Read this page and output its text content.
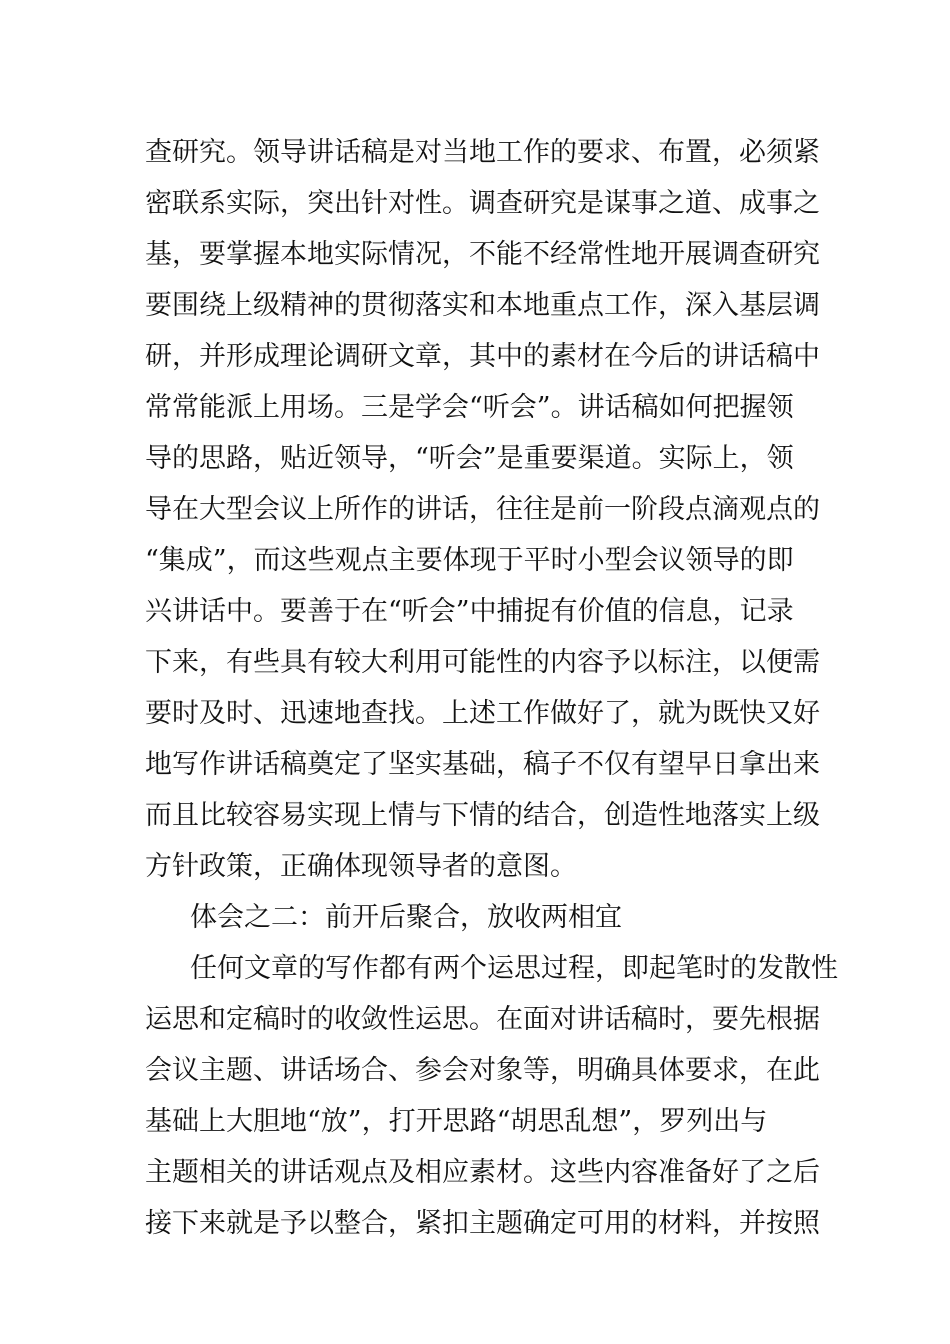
查研究。领导讲话稿是对当地工作的要求、布置，必须紧
密联系实际，突出针对性。调查研究是谋事之道、成事之
基，要掌握本地实际情况，不能不经常性地开展调查研究
要围绕上级精神的贯彻落实和本地重点工作，深入基层调
研，并形成理论调研文章，其中的素材在今后的讲话稿中
常常能派上用场。三是学会“听会”。讲话稿如何把握领
导的思路，贴近领导，“听会”是重要渠道。实际上，领
导在大型会议上所作的讲话，往往是前一阶段点滴观点的
“集成”，而这些观点主要体现于平时小型会议领导的即
兴讲话中。要善于在“听会”中捕捉有价值的信息，记录
下来，有些具有较大利用可能性的内容予以标注，以便需
要时及时、迅速地查找。上述工作做好了，就为既快又好
地写作讲话稿奠定了坚实基础，稿子不仅有望早日拿出来
而且比较容易实现上情与下情的结合，创造性地落实上级
方针政策，正确体现领导者的意图。
体会之二：前开后聚合，放收两相宜
任何文章的写作都有两个运思过程，即起笔时的发散性
运思和定稿时的收敛性运思。在面对讲话稿时，要先根据
会议主题、讲话场合、参会对象等，明确具体要求，在此
基础上大胆地“放”，打开思路“胡思乱想”，罗列出与
主题相关的讲话观点及相应素材。这些内容准备好了之后
接下来就是予以整合，紧扣主题确定可用的材料，并按照
